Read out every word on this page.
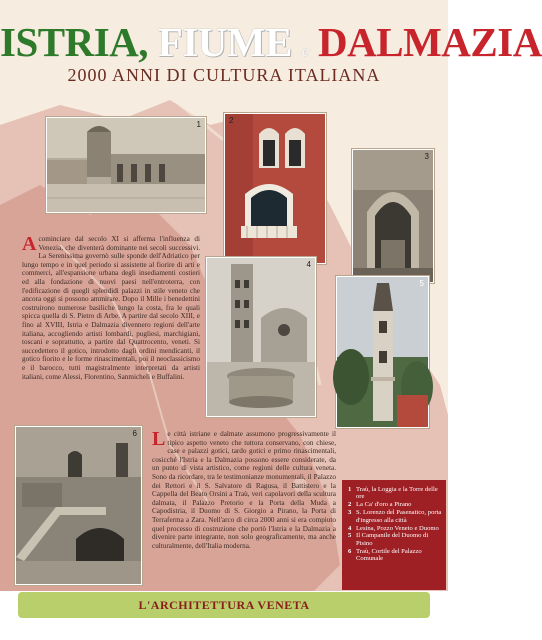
ISTRIA, FIUME e DALMAZIA
2000 ANNI DI CULTURA ITALIANA
1	2
3
4
5
6
Acominciare dal secolo XI si afferma l'influenza di Venezia, che diventerà dominante nei secoli successivi. La Serenissima governò sulle sponde dell'Adriatico per lungo tempo e in quel periodo si assistette al fiorire di arti e commerci, all'espansione urbana degli insediamenti costieri ed alla fondazione di nuovi paesi nell'entroterra, con l'edificazione di quegli splendidi palazzi in stile veneto che ancora oggi si possono ammirare. Dopo il Mille i benedettini costruirono numerose basiliche lungo la costa, fra le quali spicca quella di S. Pietro di Arbe. A partire dal secolo XIII, e fino al XVIII, Istria e Dalmazia divennero regioni dell'arte italiana, accogliendo artisti lombardi, pugliesi, marchigiani, toscani e soprattutto, a partire dal Quattrocento, veneti. Si succedettero il gotico, introdotto dagli ordini mendicanti, il gotico fiorito e le forme rinascimentali, poi il neoclassicismo e il barocco, tutti magistralmente interpretati da artisti italiani, come Alessi, Florentino, Sanmicheli e Buffalini.
Le città istriane e dalmate assumono progressivamente il tipico aspetto veneto che tuttora conservano, con chiese, case e palazzi gotici, tardo gotici e primo rinascimentali, cosicché l'Istria e la Dalmazia possono essere considerate, da un punto di vista artistico, come regioni delle cultura veneta. Sono da ricordare, tra le testimonianze monumentali, il Palazzo dei Rettori e il S. Salvatore di Ragusa, il Battistero e la Cappella del Beato Orsini a Traù, veri capolavori della scultura dalmata, il Palazzo Pretorio e la Porta della Muda a Capodistria, il Duomo di S. Giorgio a Pirano, la Porta di Terraferma a Zara. Nell'arco di circa 2000 anni si era compiuto quel processo di costruzione che portò l'Istria e la Dalmazia a divenire parte integrante, non solo geograficamente, ma anche culturalmente, dell'Italia moderna.
1 Traù, la Loggia e la Torre delle ore
2 La Ca' d'oro a Pirano
3 S. Lorenzo del Pasenatico, porta d'ingresso alla città
4 Lesina, Pozzo Veneto e Duomo
5 Il Campanile del Duomo di Pisino
6 Traù, Cortile del Palazzo Comunale
L'ARCHITETTURA VENETA
